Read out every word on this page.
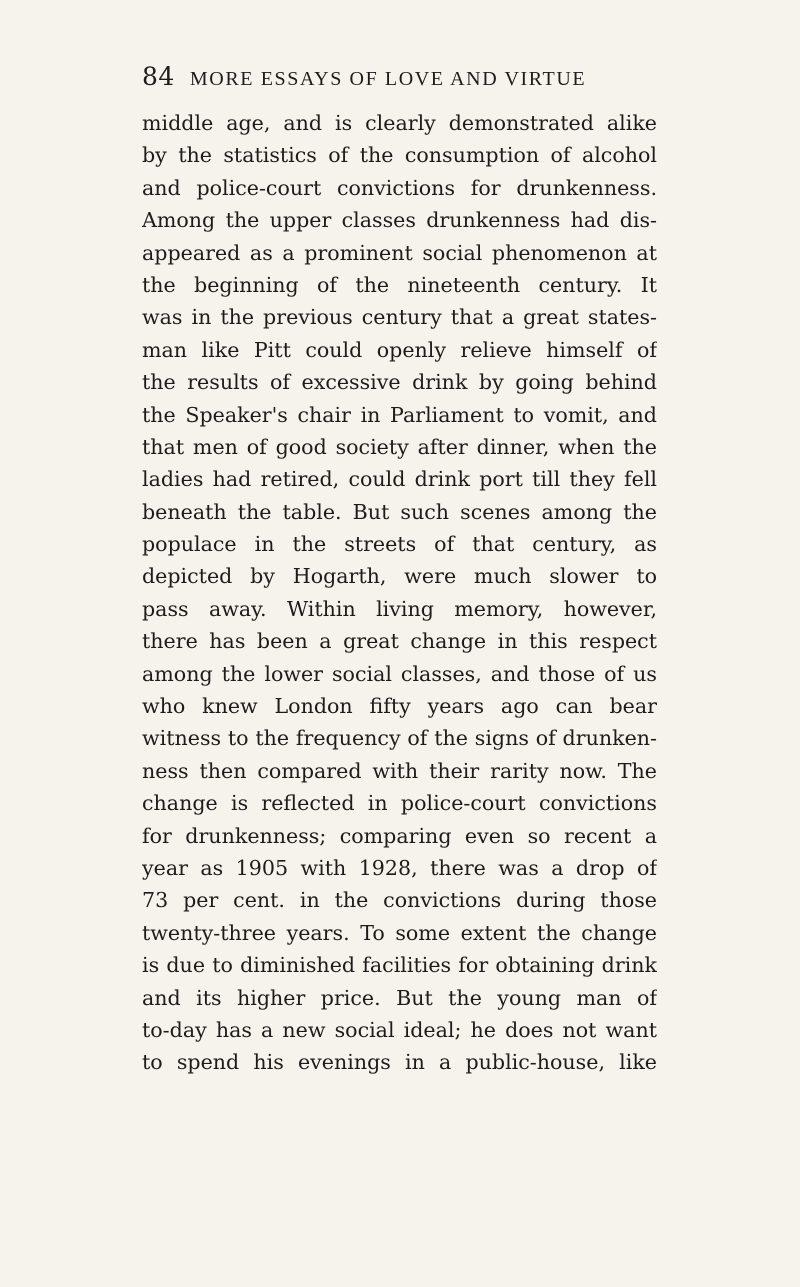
84 MORE ESSAYS OF LOVE AND VIRTUE
middle age, and is clearly demonstrated alike
by the statistics of the consumption of alcohol
and police-court convictions for drunkenness.
Among the upper classes drunkenness had dis-
appeared as a prominent social phenomenon at
the beginning of the nineteenth century. It
was in the previous century that a great states-
man like Pitt could openly relieve himself of
the results of excessive drink by going behind
the Speaker's chair in Parliament to vomit, and
that men of good society after dinner, when the
ladies had retired, could drink port till they fell
beneath the table. But such scenes among the
populace in the streets of that century, as
depicted by Hogarth, were much slower to
pass away. Within living memory, however,
there has been a great change in this respect
among the lower social classes, and those of us
who knew London fifty years ago can bear
witness to the frequency of the signs of drunken-
ness then compared with their rarity now. The
change is reflected in police-court convictions
for drunkenness; comparing even so recent a
year as 1905 with 1928, there was a drop of
73 per cent. in the convictions during those
twenty-three years. To some extent the change
is due to diminished facilities for obtaining drink
and its higher price. But the young man of
to-day has a new social ideal; he does not want
to spend his evenings in a public-house, like
